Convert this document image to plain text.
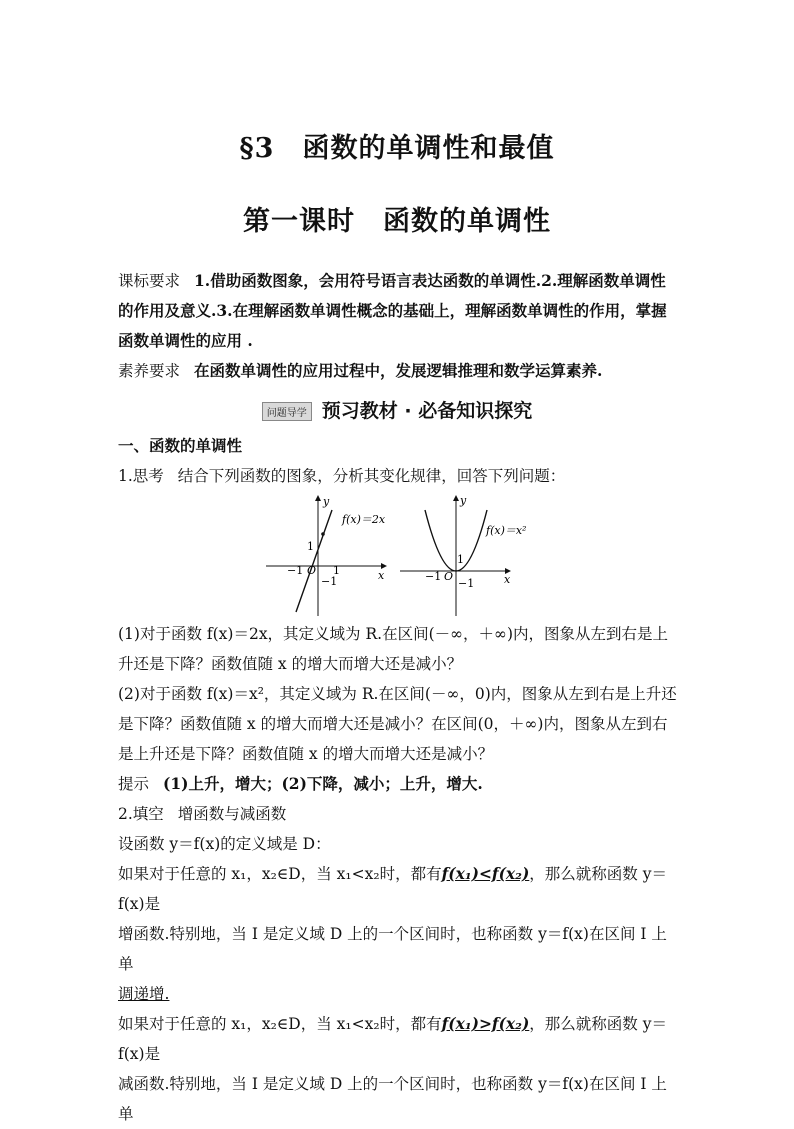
§3　函数的单调性和最值
第一课时　函数的单调性
课标要求 1.借助函数图象，会用符号语言表达函数的单调性.2.理解函数单调性
的作用及意义.3.在理解函数单调性概念的基础上，理解函数单调性的作用，掌握
函数单调性的应用 .
素养要求 在函数单调性的应用过程中，发展逻辑推理和数学运算素养.
问题导学 预习教材 · 必备知识探究
一、函数的单调性
1.思考 结合下列函数的图象，分析其变化规律，回答下列问题：
f(x)＝2x
y
x
O
−1	1
1
−1
f(x)＝x²
y
x
O
−1
1
−1
(1)对于函数 f(x)＝2x，其定义域为 R.在区间(－∞，＋∞)内，图象从左到右是上
升还是下降？函数值随 x 的增大而增大还是减小？
(2)对于函数 f(x)＝x²，其定义域为 R.在区间(－∞，0)内，图象从左到右是上升还
是下降？函数值随 x 的增大而增大还是减小？在区间(0，＋∞)内，图象从左到右
是上升还是下降？函数值随 x 的增大而增大还是减小？
提示 (1)上升，增大；(2)下降，减小；上升，增大.
2.填空 增函数与减函数
设函数 y＝f(x)的定义域是 D：
如果对于任意的 x₁，x₂∈D，当 x₁<x₂时，都有f(x₁)<f(x₂)，那么就称函数 y＝f(x)是
增函数.特别地，当 I 是定义域 D 上的一个区间时，也称函数 y＝f(x)在区间 I 上单
调递增.
如果对于任意的 x₁，x₂∈D，当 x₁<x₂时，都有f(x₁)>f(x₂)，那么就称函数 y＝f(x)是
减函数.特别地，当 I 是定义域 D 上的一个区间时，也称函数 y＝f(x)在区间 I 上单
